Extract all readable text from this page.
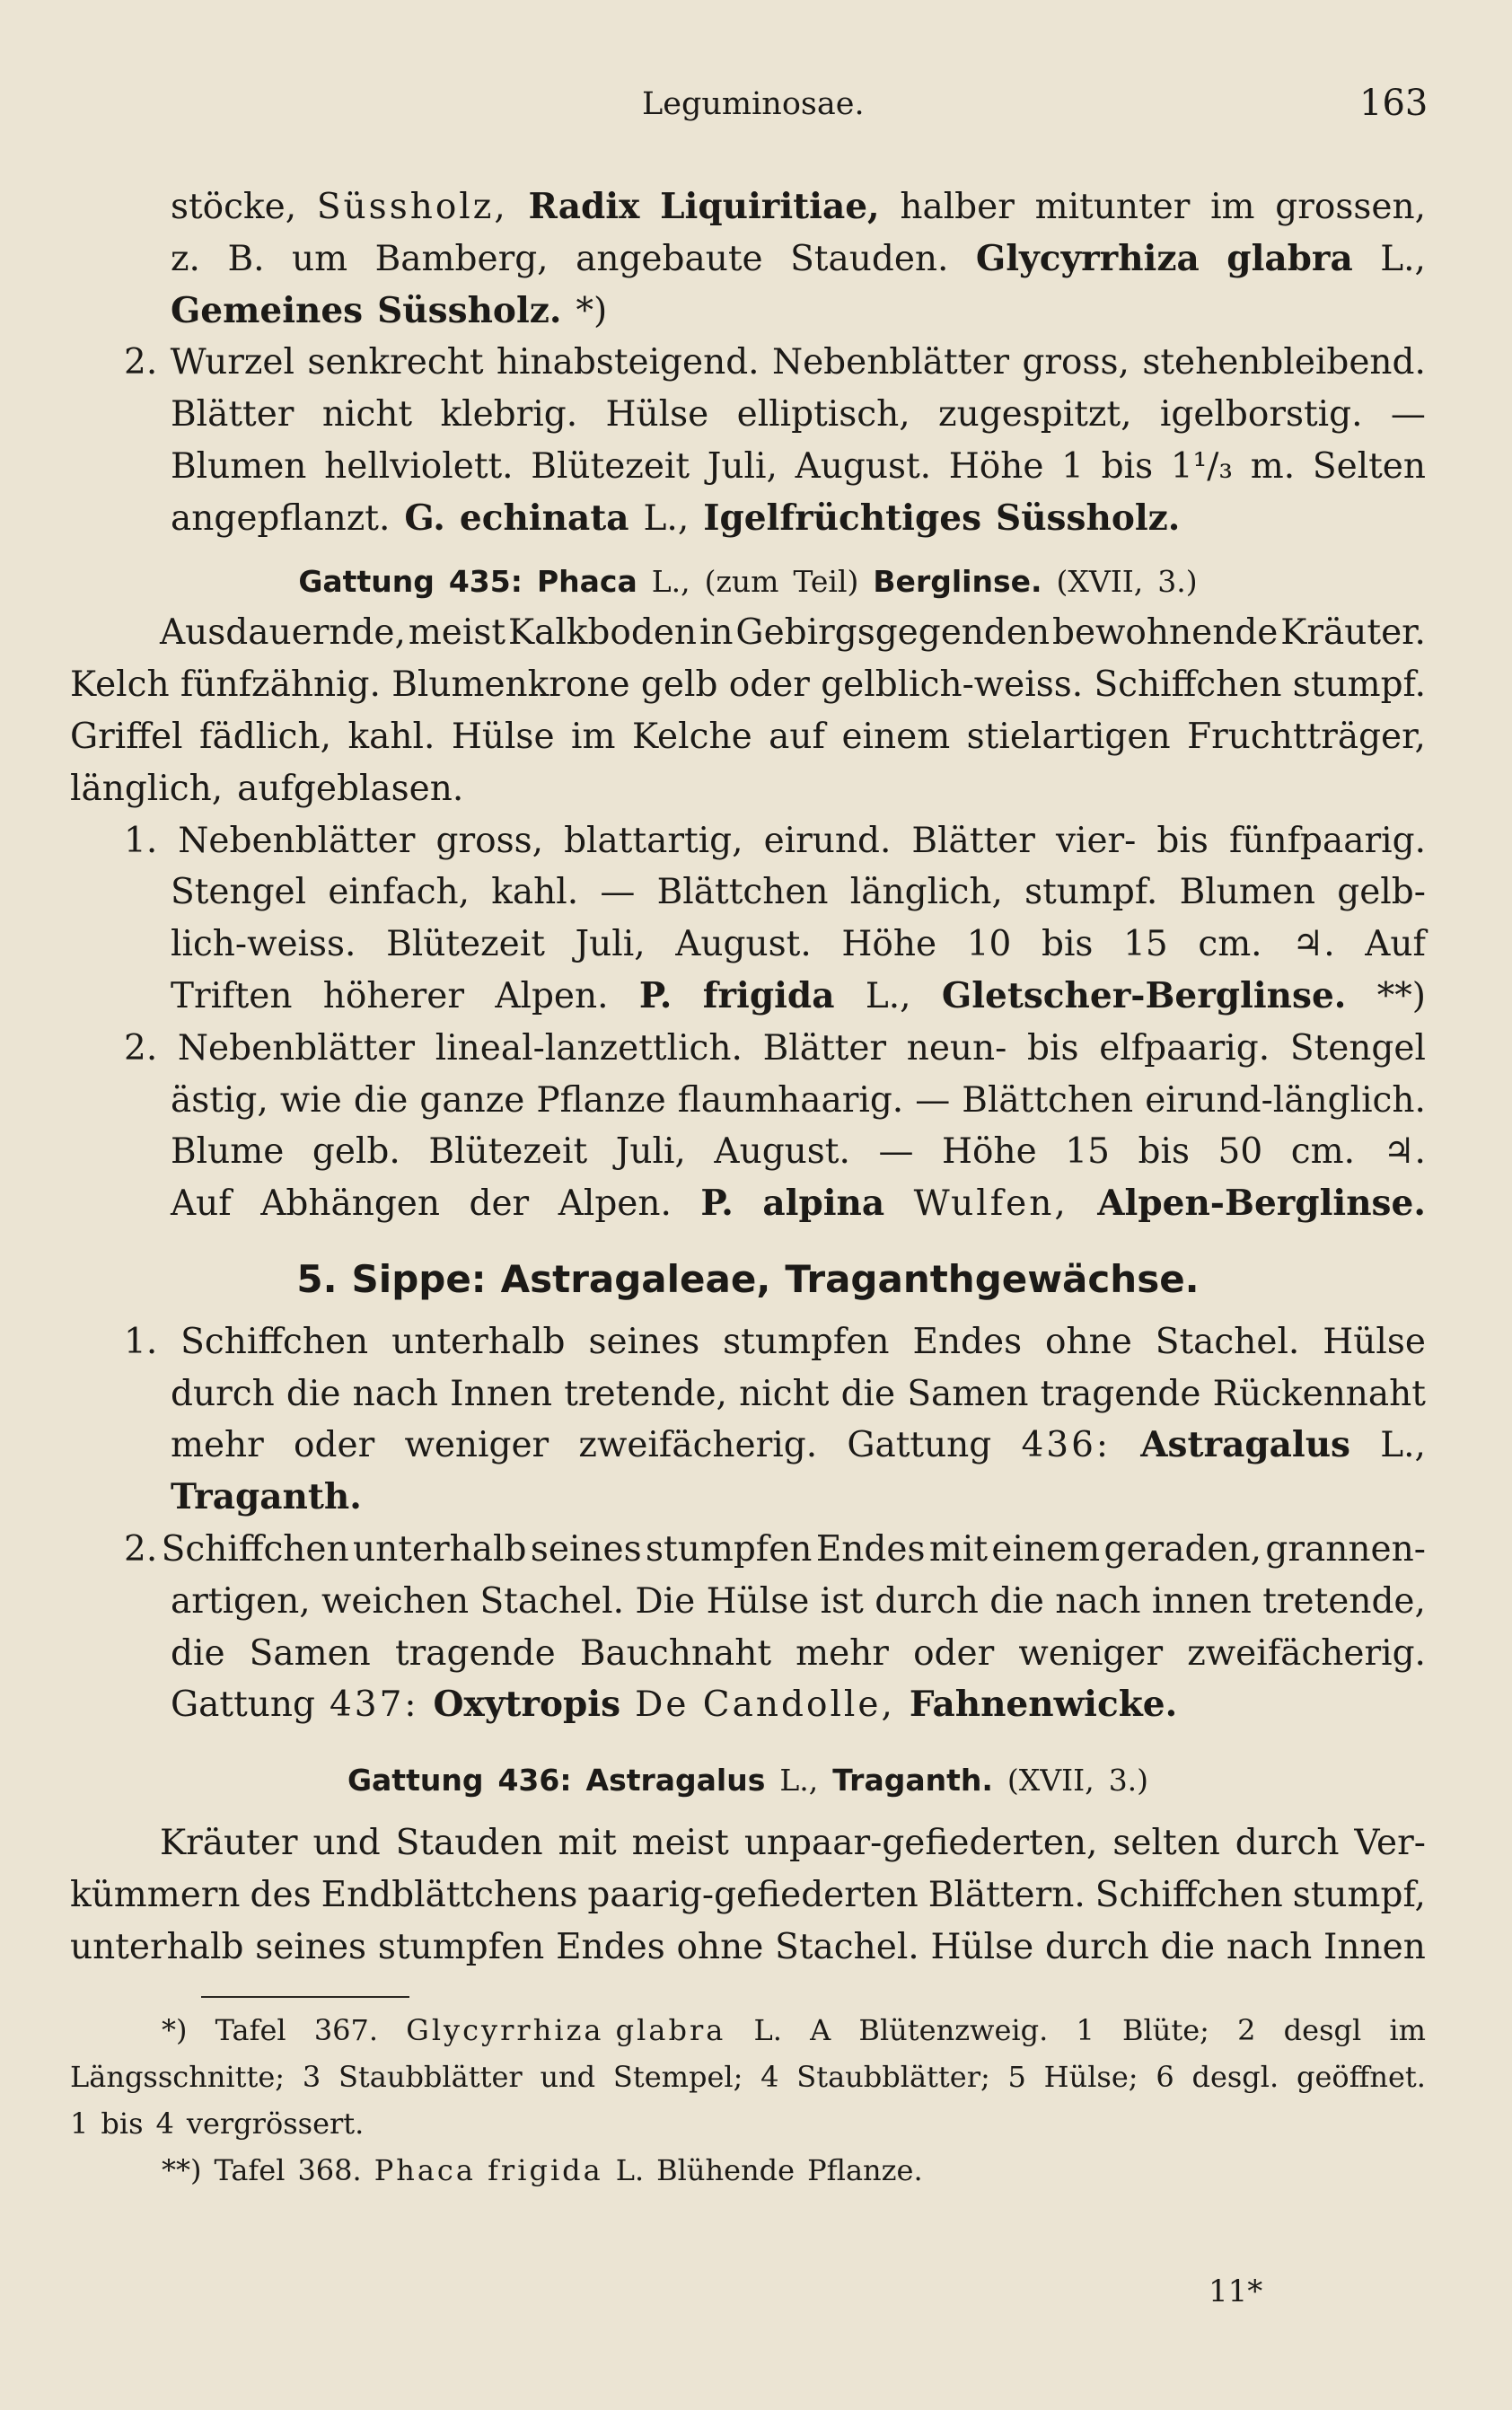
Leguminosae.	163
stöcke, Süssholz, Radix Liquiritiae, halber mitunter im grossen,
z. B. um Bamberg, angebaute Stauden. Glycyrrhiza glabra L.,
Gemeines Süssholz. *)
2. Wurzel senkrecht hinabsteigend. Nebenblätter gross, stehenbleibend.
Blätter nicht klebrig. Hülse elliptisch, zugespitzt, igelborstig. —
Blumen hellviolett. Blütezeit Juli, August. Höhe 1 bis 1¹/₃ m. Selten
angepflanzt. G. echinata L., Igelfrüchtiges Süssholz.
Gattung 435: Phaca L., (zum Teil) Berglinse. (XVII, 3.)
Ausdauernde, meist Kalkboden in Gebirgsgegenden bewohnende Kräuter.
Kelch fünfzähnig. Blumenkrone gelb oder gelblich-weiss. Schiffchen stumpf.
Griffel fädlich, kahl. Hülse im Kelche auf einem stielartigen Fruchtträger,
länglich, aufgeblasen.
1. Nebenblätter gross, blattartig, eirund. Blätter vier- bis fünfpaarig.
Stengel einfach, kahl. — Blättchen länglich, stumpf. Blumen gelb-
lich-weiss. Blütezeit Juli, August. Höhe 10 bis 15 cm. ♃. Auf
Triften höherer Alpen. P. frigida L., Gletscher-Berglinse. **)
2. Nebenblätter lineal-lanzettlich. Blätter neun- bis elfpaarig. Stengel
ästig, wie die ganze Pflanze flaumhaarig. — Blättchen eirund-länglich.
Blume gelb. Blütezeit Juli, August. — Höhe 15 bis 50 cm. ♃.
Auf Abhängen der Alpen. P. alpina Wulfen, Alpen-Berglinse.
5. Sippe: Astragaleae, Traganthgewächse.
1. Schiffchen unterhalb seines stumpfen Endes ohne Stachel. Hülse
durch die nach Innen tretende, nicht die Samen tragende Rückennaht
mehr oder weniger zweifächerig. Gattung 436: Astragalus L.,
Traganth.
2. Schiffchen unterhalb seines stumpfen Endes mit einem geraden, grannen-
artigen, weichen Stachel. Die Hülse ist durch die nach innen tretende,
die Samen tragende Bauchnaht mehr oder weniger zweifächerig.
Gattung 437: Oxytropis De Candolle, Fahnenwicke.
Gattung 436: Astragalus L., Traganth. (XVII, 3.)
Kräuter und Stauden mit meist unpaar-gefiederten, selten durch Ver-
kümmern des Endblättchens paarig-gefiederten Blättern. Schiffchen stumpf,
unterhalb seines stumpfen Endes ohne Stachel. Hülse durch die nach Innen
*) Tafel 367. Glycyrrhiza glabra L. A Blütenzweig. 1 Blüte; 2 desgl im
Längsschnitte; 3 Staubblätter und Stempel; 4 Staubblätter; 5 Hülse; 6 desgl. geöffnet.
1 bis 4 vergrössert.
**) Tafel 368. Phaca frigida L. Blühende Pflanze.
11*
